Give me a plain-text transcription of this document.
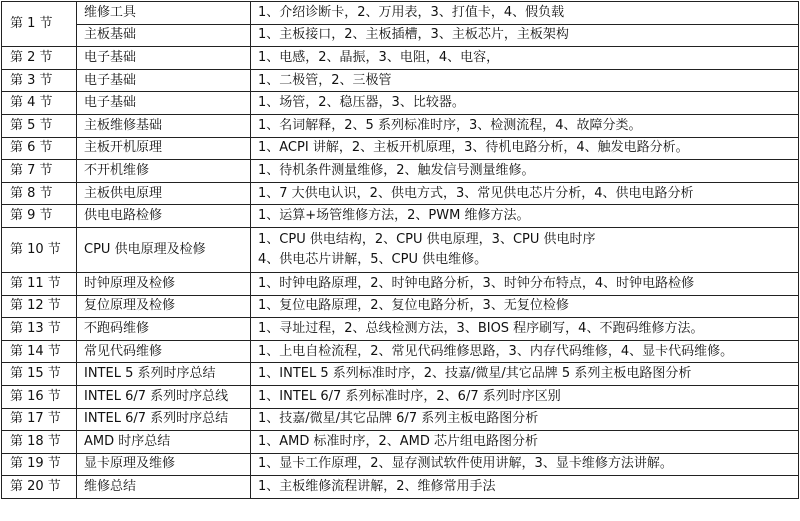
第 1 节	维修工具	1、介绍诊断卡，2、万用表，3、打值卡，4、假负载
	主板基础	1、主板接口，2、主板插槽，3、主板芯片，主板架构
第 2 节	电子基础	1、电感，2、晶振，3、电阻，4、电容，
第 3 节	电子基础	1、二极管，2、三极管
第 4 节	电子基础	1、场管，2、稳压器，3、比较器。
第 5 节	主板维修基础	1、名词解释，2、5 系列标准时序，3、检测流程，4、故障分类。
第 6 节	主板开机原理	1、ACPI 讲解，2、主板开机原理，3、待机电路分析，4、触发电路分析。
第 7 节	不开机维修	1、待机条件测量维修，2、触发信号测量维修。
第 8 节	主板供电原理	1、7 大供电认识，2、供电方式，3、常见供电芯片分析，4、供电电路分析
第 9 节	供电电路检修	1、运算+场管维修方法，2、PWM 维修方法。
第 10 节	CPU 供电原理及检修	1、CPU 供电结构，2、CPU 供电原理，3、CPU 供电时序
4、供电芯片讲解，5、CPU 供电维修。

第 11 节	时钟原理及检修	1、时钟电路原理，2、时钟电路分析，3、时钟分布特点，4、时钟电路检修
第 12 节	复位原理及检修	1、复位电路原理，2、复位电路分析，3、无复位检修
第 13 节	不跑码维修	1、寻址过程，2、总线检测方法，3、BIOS 程序刷写，4、不跑码维修方法。
第 14 节	常见代码维修	1、上电自检流程，2、常见代码维修思路，3、内存代码维修，4、显卡代码维修。
第 15 节	INTEL 5 系列时序总结	1、INTEL 5 系列标准时序，2、技嘉/微星/其它品牌 5 系列主板电路图分析
第 16 节	INTEL 6/7 系列时序总线	1、INTEL 6/7 系列标准时序，2、6/7 系列时序区别
第 17 节	INTEL 6/7 系列时序总结	1、技嘉/微星/其它品牌 6/7 系列主板电路图分析
第 18 节	AMD 时序总结	1、AMD 标准时序，2、AMD 芯片组电路图分析
第 19 节	显卡原理及维修	1、显卡工作原理，2、显存测试软件使用讲解，3、显卡维修方法讲解。
第 20 节	维修总结	1、主板维修流程讲解，2、维修常用手法
